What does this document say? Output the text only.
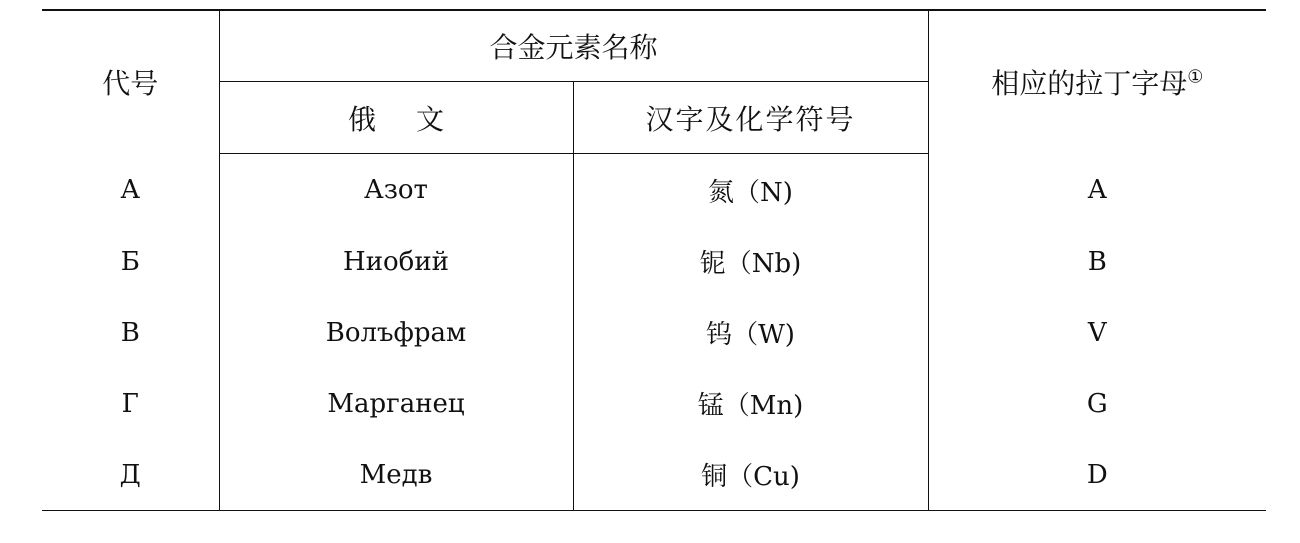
代号	合金元素名称		相应的拉丁字母①
	俄 文	汉字及化学符号	
А	Азот	氮（N)	A
Б	Ниобий	铌（Nb)	B
В	Волъфрам	钨（W)	V
Г	Марганец	锰（Mn)	G
Д	Медв	铜（Cu)	D
